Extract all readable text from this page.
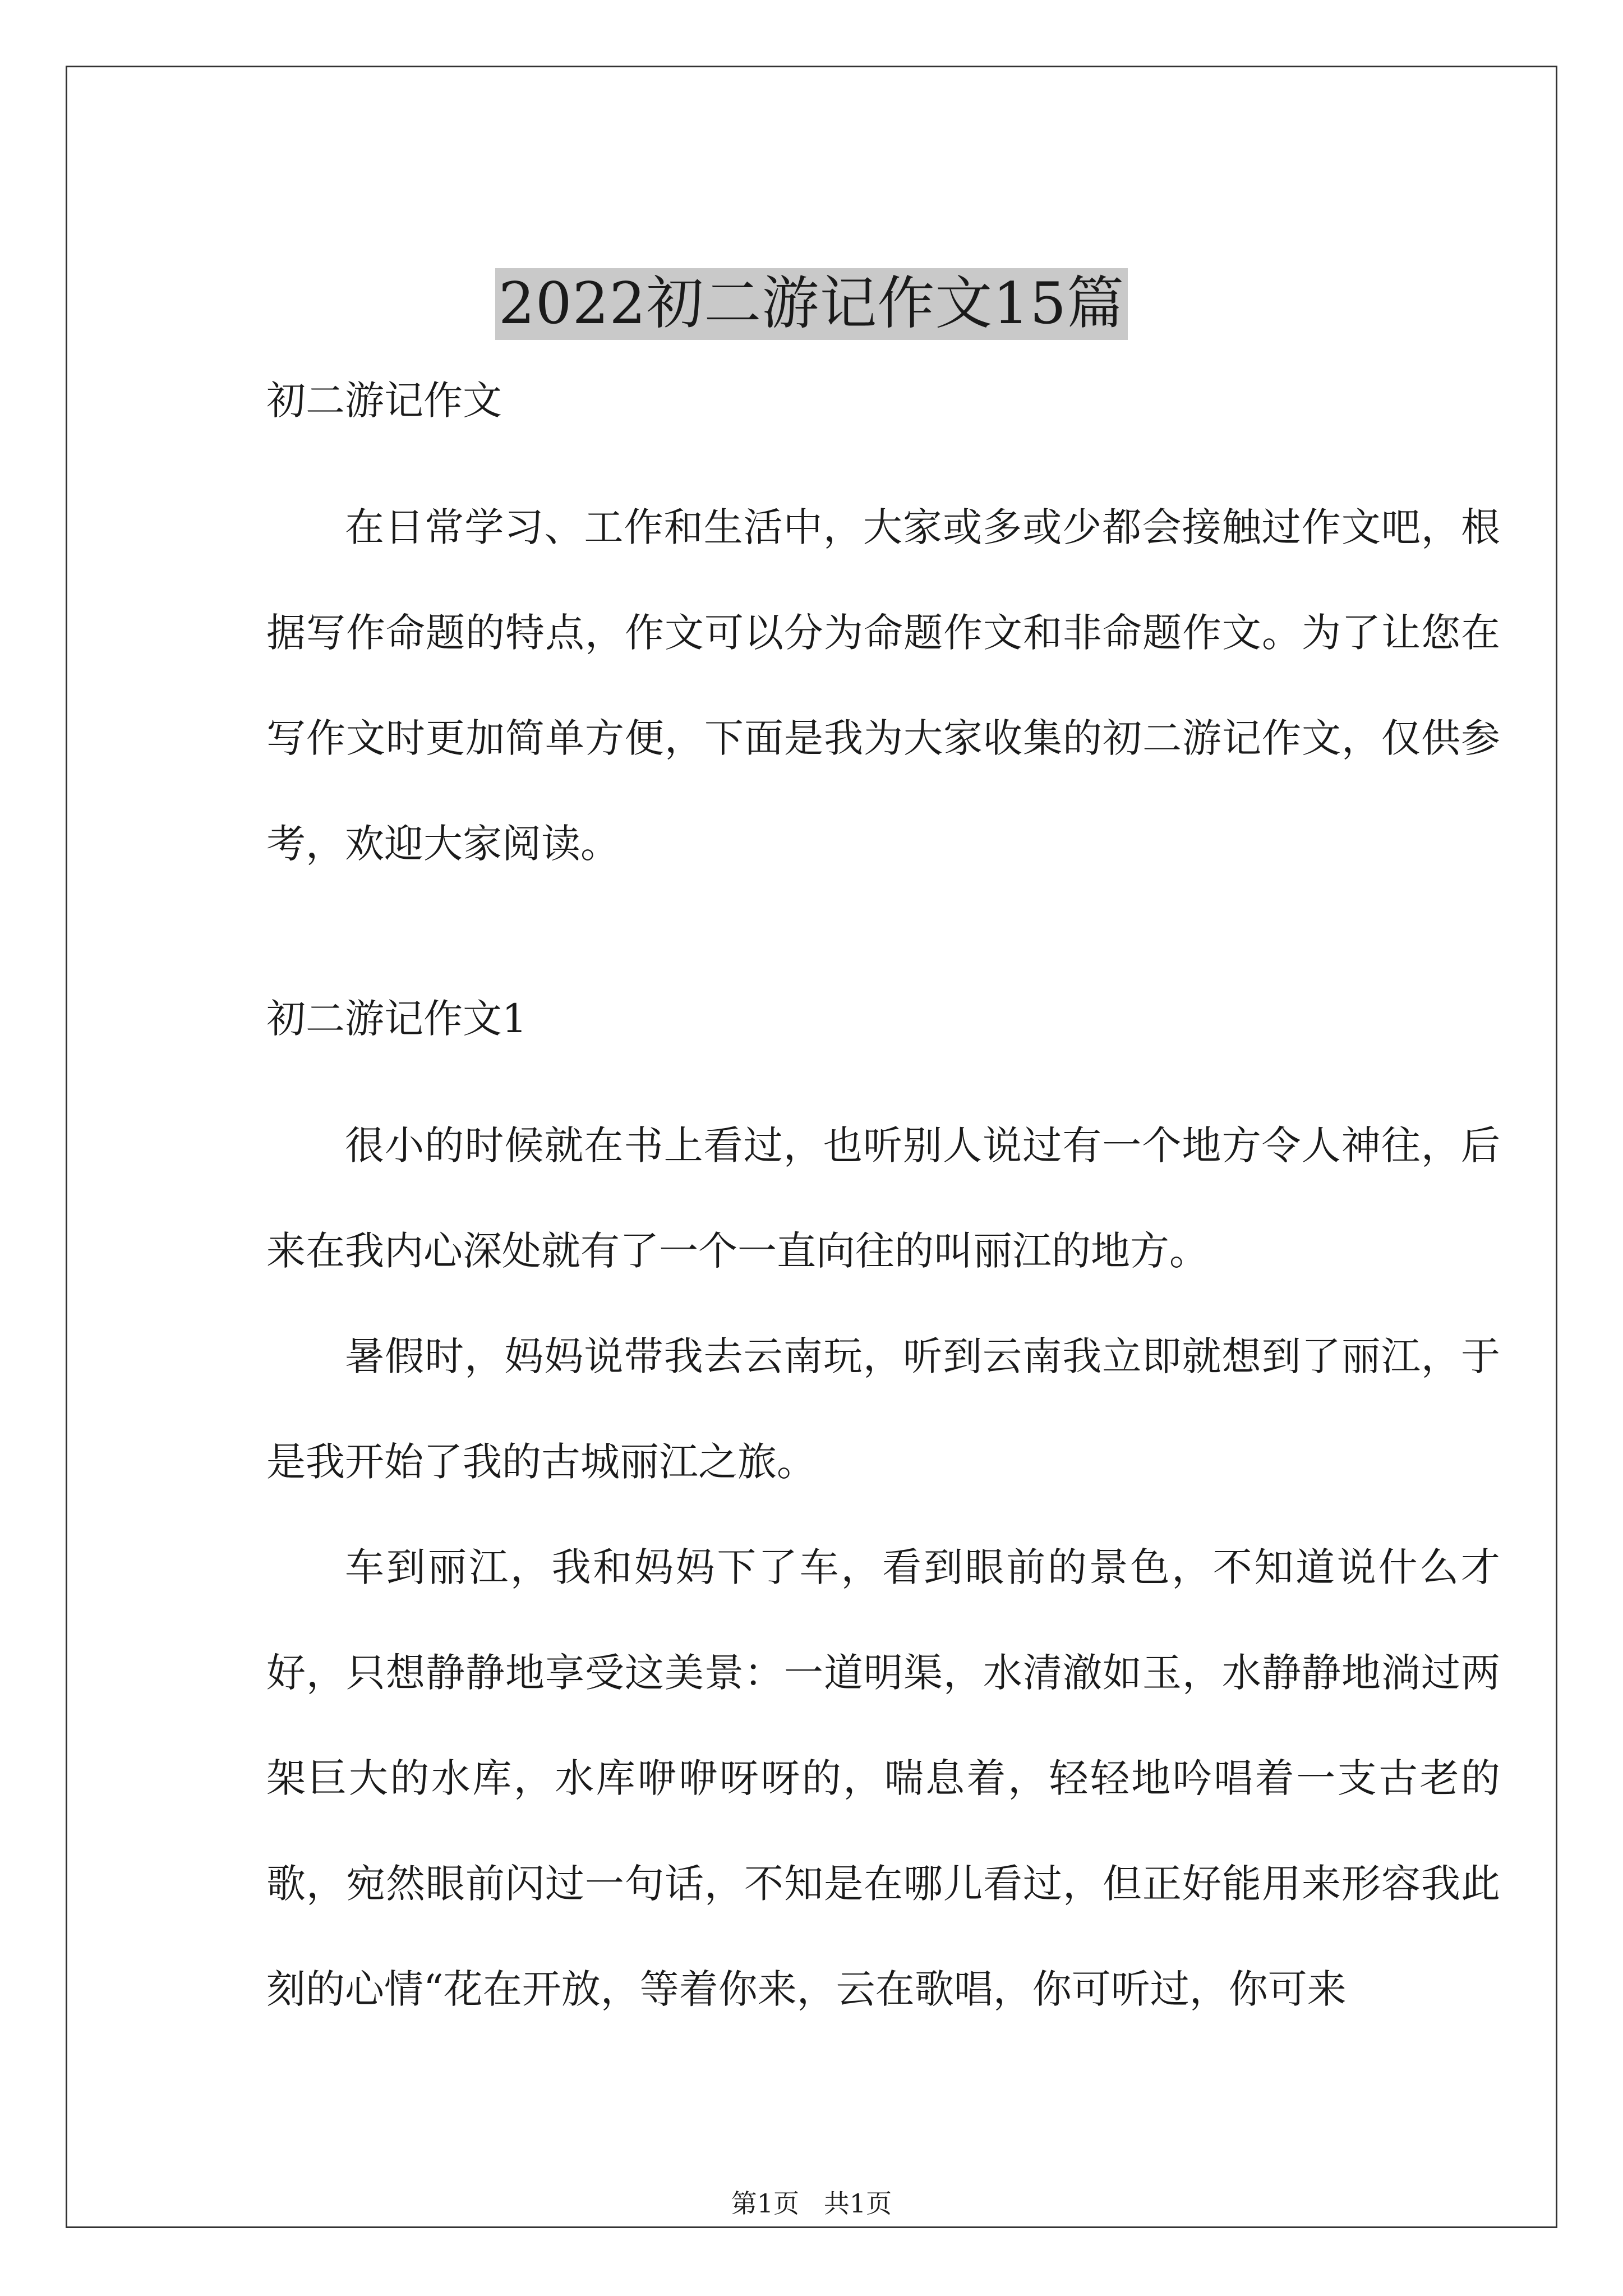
2022初二游记作文15篇
初二游记作文

在日常学习、工作和生活中，大家或多或少都会接触过作文吧，根据写作命题的特点，作文可以分为命题作文和非命题作文。为了让您在写作文时更加简单方便，下面是我为大家收集的初二游记作文，仅供参考，欢迎大家阅读。

初二游记作文1

很小的时候就在书上看过，也听别人说过有一个地方令人神往，后来在我内心深处就有了一个一直向往的叫丽江的地方。

暑假时，妈妈说带我去云南玩，听到云南我立即就想到了丽江，于是我开始了我的古城丽江之旅。

车到丽江，我和妈妈下了车，看到眼前的景色，不知道说什么才好，只想静静地享受这美景：一道明渠，水清澈如玉，水静静地淌过两架巨大的水库，水库咿咿呀呀的，喘息着，轻轻地吟唱着一支古老的歌，宛然眼前闪过一句话，不知是在哪儿看过，但正好能用来形容我此刻的心情“花在开放，等着你来，云在歌唱，你可听过，你可来

第1页   共1页
